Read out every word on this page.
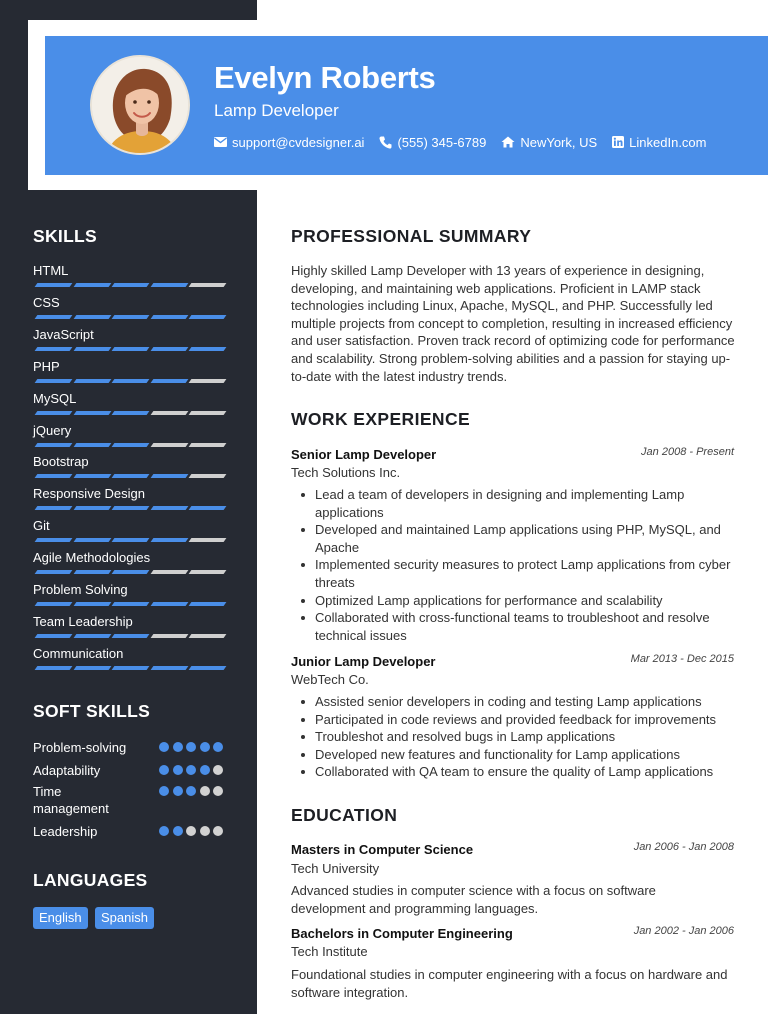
Evelyn Roberts
Lamp Developer
support@cvdesigner.ai	(555) 345-6789	NewYork, US LinkedIn.com
SKILLS
HTML
CSS
JavaScript
PHP
MySQL
jQuery
Bootstrap
Responsive Design
Git
Agile Methodologies
Problem Solving
Team Leadership
Communication
SOFT SKILLS
Problem-solving
Adaptability
Time management
Leadership
LANGUAGES
English	Spanish
PROFESSIONAL SUMMARY
Highly skilled Lamp Developer with 13 years of experience in designing, developing, and maintaining web applications. Proficient in LAMP stack technologies including Linux, Apache, MySQL, and PHP. Successfully led multiple projects from concept to completion, resulting in increased efficiency and user satisfaction. Proven track record of optimizing code for performance and scalability. Strong problem-solving abilities and a passion for staying up-to-date with the latest industry trends.
WORK EXPERIENCE
Senior Lamp Developer	Jan 2008 - Present
Tech Solutions Inc.
Lead a team of developers in designing and implementing Lamp applications
Developed and maintained Lamp applications using PHP, MySQL, and Apache
Implemented security measures to protect Lamp applications from cyber threats
Optimized Lamp applications for performance and scalability
Collaborated with cross-functional teams to troubleshoot and resolve technical issues
Junior Lamp Developer	Mar 2013 - Dec 2015
WebTech Co.
Assisted senior developers in coding and testing Lamp applications
Participated in code reviews and provided feedback for improvements
Troubleshot and resolved bugs in Lamp applications
Developed new features and functionality for Lamp applications
Collaborated with QA team to ensure the quality of Lamp applications
EDUCATION
Masters in Computer Science	Jan 2006 - Jan 2008
Tech University
Advanced studies in computer science with a focus on software development and programming languages.
Bachelors in Computer Engineering	Jan 2002 - Jan 2006
Tech Institute
Foundational studies in computer engineering with a focus on hardware and software integration.
